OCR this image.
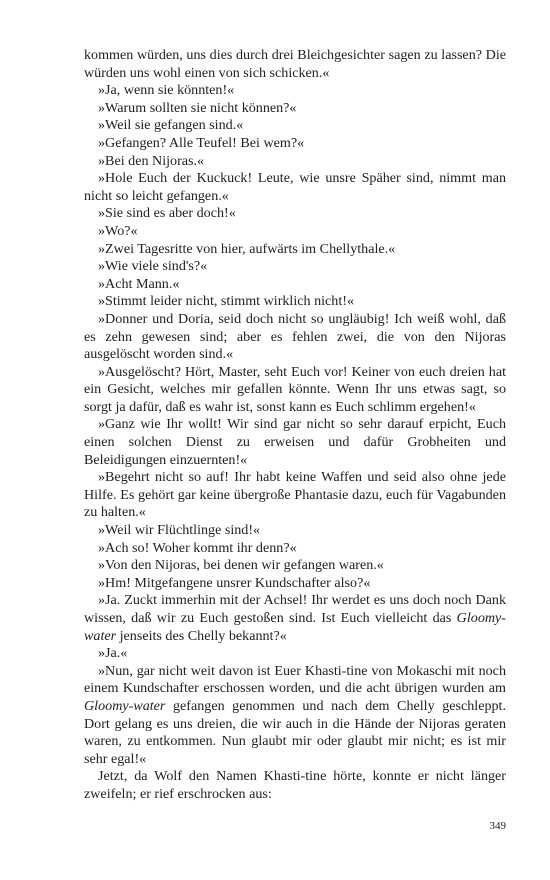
kommen würden, uns dies durch drei Bleichgesichter sagen zu lassen? Die würden uns wohl einen von sich schicken.«

»Ja, wenn sie könnten!«

»Warum sollten sie nicht können?«

»Weil sie gefangen sind.«

»Gefangen? Alle Teufel! Bei wem?«

»Bei den Nijoras.«

»Hole Euch der Kuckuck! Leute, wie unsre Späher sind, nimmt man nicht so leicht gefangen.«

»Sie sind es aber doch!«

»Wo?«

»Zwei Tagesritte von hier, aufwärts im Chellythale.«

»Wie viele sind's?«

»Acht Mann.«

»Stimmt leider nicht, stimmt wirklich nicht!«

»Donner und Doria, seid doch nicht so ungläubig! Ich weiß wohl, daß es zehn gewesen sind; aber es fehlen zwei, die von den Nijoras ausgelöscht worden sind.«

»Ausgelöscht? Hört, Master, seht Euch vor! Keiner von euch dreien hat ein Gesicht, welches mir gefallen könnte. Wenn Ihr uns etwas sagt, so sorgt ja dafür, daß es wahr ist, sonst kann es Euch schlimm ergehen!«

»Ganz wie Ihr wollt! Wir sind gar nicht so sehr darauf erpicht, Euch einen solchen Dienst zu erweisen und dafür Grobheiten und Beleidigungen einzuernten!«

»Begehrt nicht so auf! Ihr habt keine Waffen und seid also ohne jede Hilfe. Es gehört gar keine übergroße Phantasie dazu, euch für Vagabunden zu halten.«

»Weil wir Flüchtlinge sind!«

»Ach so! Woher kommt ihr denn?«

»Von den Nijoras, bei denen wir gefangen waren.«

»Hm! Mitgefangene unsrer Kundschafter also?«

»Ja. Zuckt immerhin mit der Achsel! Ihr werdet es uns doch noch Dank wissen, daß wir zu Euch gestoßen sind. Ist Euch vielleicht das Gloomy-water jenseits des Chelly bekannt?«

»Ja.«

»Nun, gar nicht weit davon ist Euer Khasti-tine von Mokaschi mit noch einem Kundschafter erschossen worden, und die acht übrigen wurden am Gloomy-water gefangen genommen und nach dem Chelly geschleppt. Dort gelang es uns dreien, die wir auch in die Hände der Nijoras geraten waren, zu entkommen. Nun glaubt mir oder glaubt mir nicht; es ist mir sehr egal!«

Jetzt, da Wolf den Namen Khasti-tine hörte, konnte er nicht länger zweifeln; er rief erschrocken aus:

349
